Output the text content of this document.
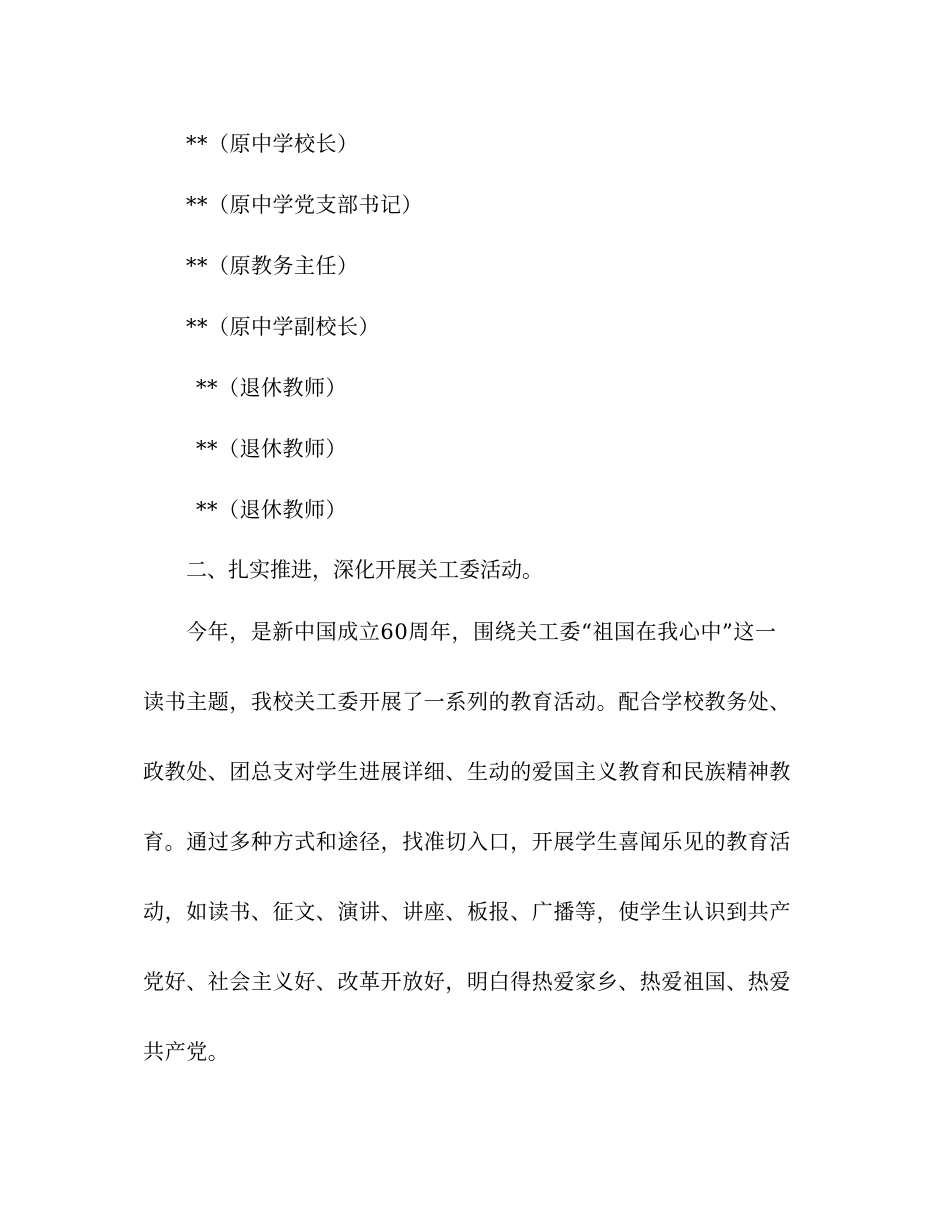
**（原中学校长）
**（原中学党支部书记）
**（原教务主任）
**（原中学副校长）
**（退休教师）
**（退休教师）
**（退休教师）
二、扎实推进，深化开展关工委活动。
今年，是新中国成立60周年，围绕关工委“祖国在我心中”这一
读书主题，我校关工委开展了一系列的教育活动。配合学校教务处、
政教处、团总支对学生进展详细、生动的爱国主义教育和民族精神教
育。通过多种方式和途径，找准切入口，开展学生喜闻乐见的教育活
动，如读书、征文、演讲、讲座、板报、广播等，使学生认识到共产
党好、社会主义好、改革开放好，明白得热爱家乡、热爱祖国、热爱
共产党。
